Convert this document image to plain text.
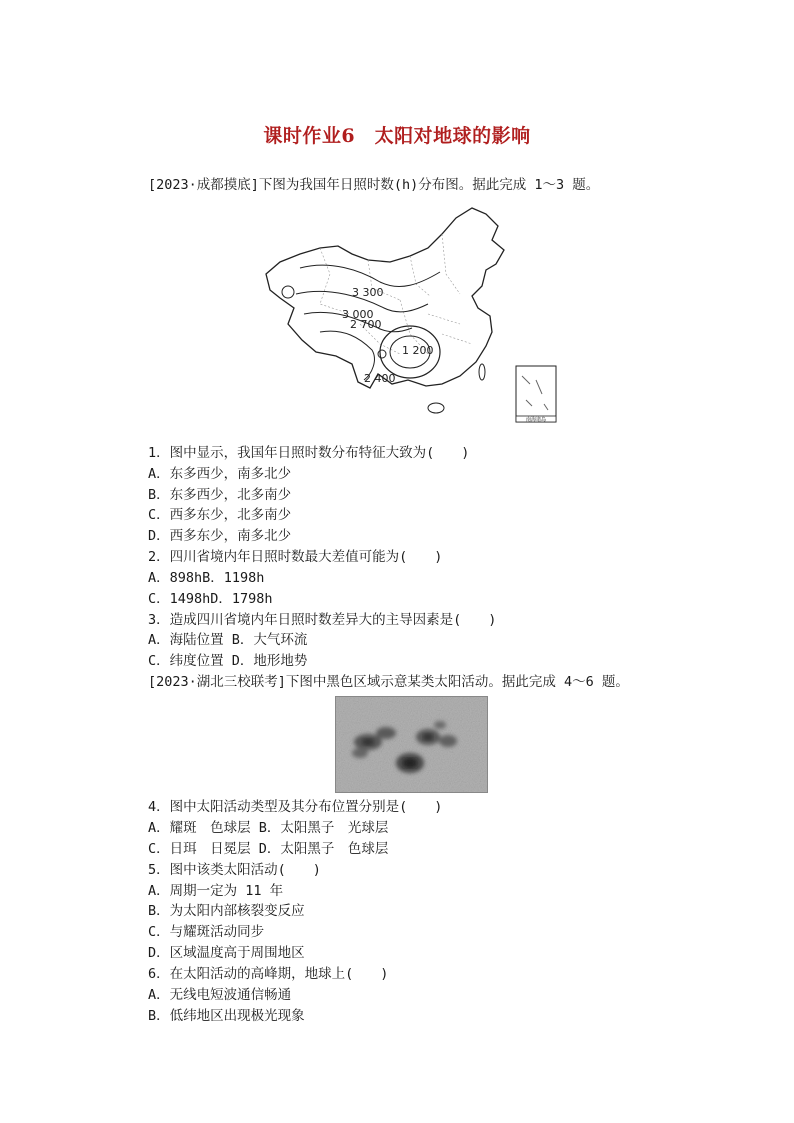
课时作业6　太阳对地球的影响
[2023·成都摸底]下图为我国年日照时数(h)分布图。据此完成 1～3 题。
3 300
3 000
2 700
1 200
2 400
南海诸岛
1．图中显示，我国年日照时数分布特征大致为(　　)
A．东多西少，南多北少
B．东多西少，北多南少
C．西多东少，北多南少
D．西多东少，南多北少
2．四川省境内年日照时数最大差值可能为(　　)
A．898hB．1198h
C．1498hD．1798h
3．造成四川省境内年日照时数差异大的主导因素是(　　)
A．海陆位置 B．大气环流
C．纬度位置 D．地形地势
[2023·湖北三校联考]下图中黑色区域示意某类太阳活动。据此完成 4～6 题。
4．图中太阳活动类型及其分布位置分别是(　　)
A．耀斑　色球层 B．太阳黑子　光球层
C．日珥　日冕层 D．太阳黑子　色球层
5．图中该类太阳活动(　　)
A．周期一定为 11 年
B．为太阳内部核裂变反应
C．与耀斑活动同步
D．区域温度高于周围地区
6．在太阳活动的高峰期，地球上(　　)
A．无线电短波通信畅通
B．低纬地区出现极光现象
